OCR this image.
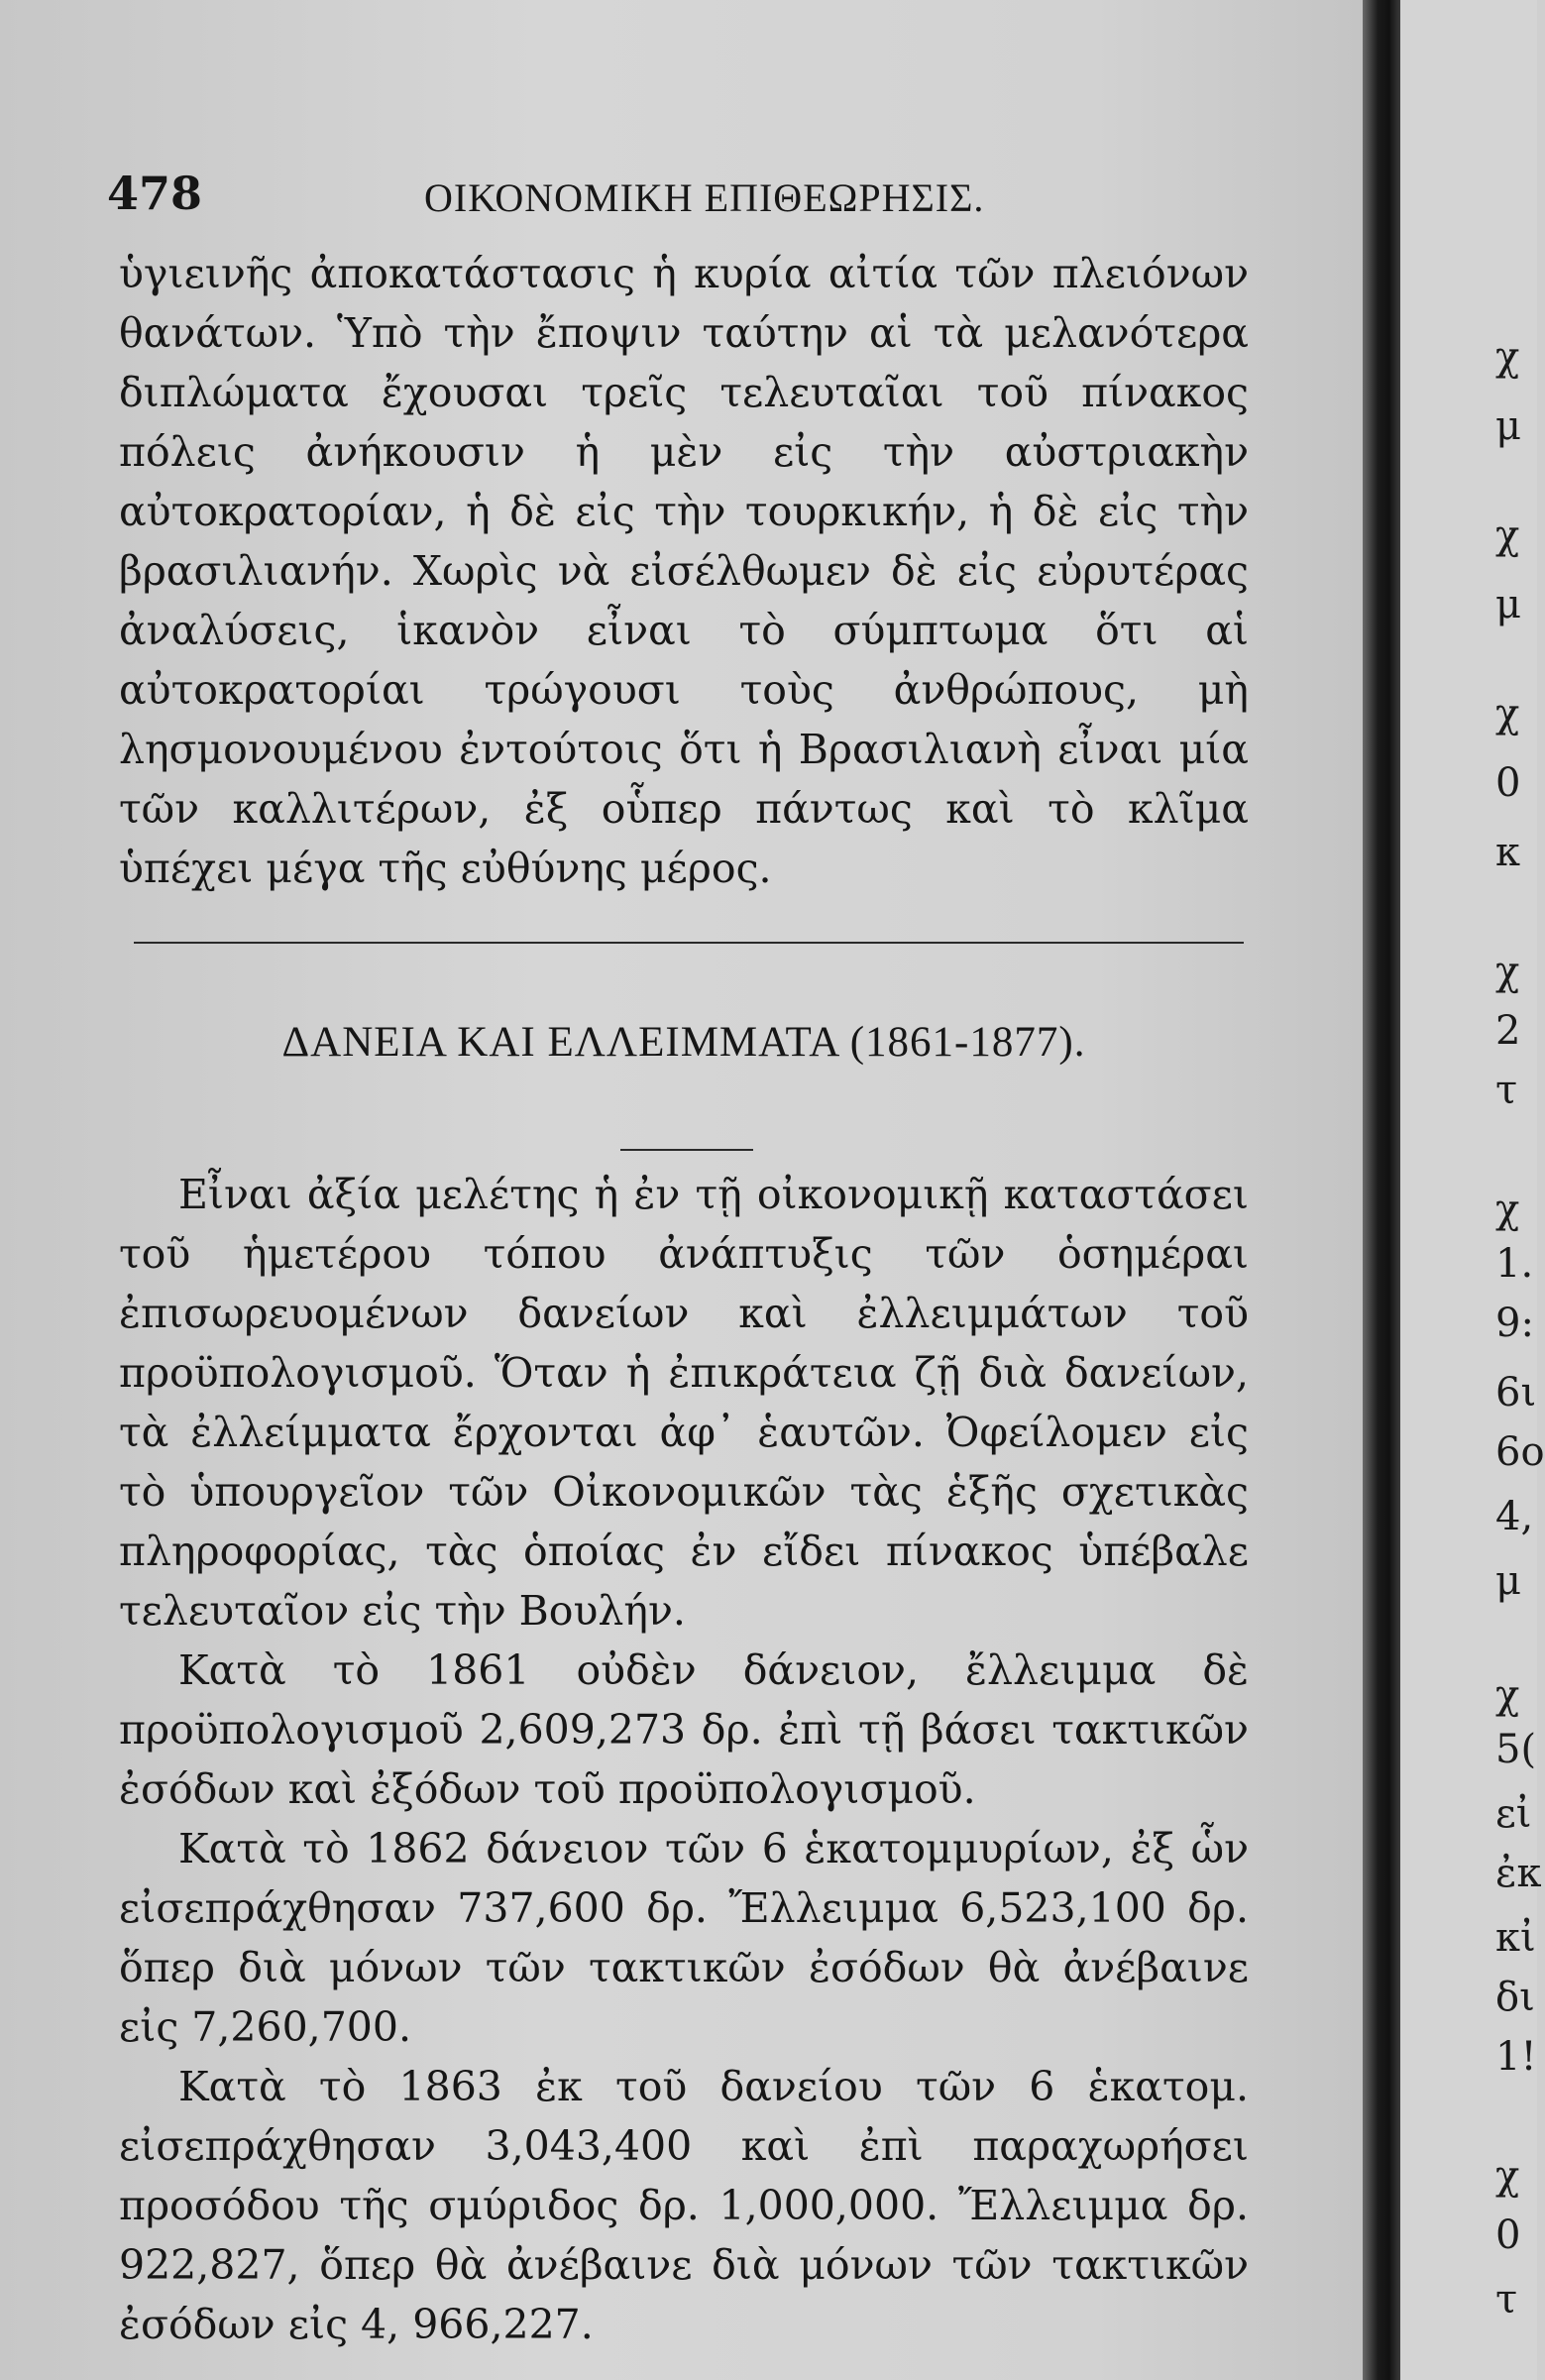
478	ΟΙΚΟΝΟΜΙΚΗ ΕΠΙΘΕΩΡΗΣΙΣ.

ὑγιεινῆς ἀποκατάστασις ἡ κυρία αἰτία τῶν πλειόνων θανάτων. Ὑπὸ τὴν ἔποψιν ταύτην αἱ τὰ μελανότερα διπλώματα ἔχουσαι τρεῖς τελευταῖαι τοῦ πίνακος πόλεις ἀνήκουσιν ἡ μὲν εἰς τὴν αὐστριακὴν αὐτοκρατορίαν, ἡ δὲ εἰς τὴν τουρκικήν, ἡ δὲ εἰς τὴν βρασιλιανήν. Χωρὶς νὰ εἰσέλθωμεν δὲ εἰς εὐρυτέρας ἀναλύσεις, ἱκανὸν εἶναι τὸ σύμπτωμα ὅτι αἱ αὐτοκρατορίαι τρώγουσι τοὺς ἀνθρώπους, μὴ λησμονουμένου ἐντούτοις ὅτι ἡ Βρασιλιανὴ εἶναι μία τῶν καλλιτέρων, ἐξ οὗπερ πάντως καὶ τὸ κλῖμα ὑπέχει μέγα τῆς εὐθύνης μέρος.

ΔΑΝΕΙΑ ΚΑΙ ΕΛΛΕΙΜΜΑΤΑ (1861-1877).

Εἶναι ἀξία μελέτης ἡ ἐν τῇ οἰκονομικῇ καταστάσει τοῦ ἡμετέρου τόπου ἀνάπτυξις τῶν ὁσημέραι ἐπισωρευομένων δανείων καὶ ἐλλειμμάτων τοῦ προϋπολογισμοῦ. Ὅταν ἡ ἐπικράτεια ζῇ διὰ δανείων, τὰ ἐλλείμματα ἔρχονται ἀφ᾽ ἑαυτῶν. Ὀφείλομεν εἰς τὸ ὑπουργεῖον τῶν Οἰκονομικῶν τὰς ἑξῆς σχετικὰς πληροφορίας, τὰς ὁποίας ἐν εἴδει πίνακος ὑπέβαλε τελευταῖον εἰς τὴν Βουλήν.

Κατὰ τὸ 1861 οὐδὲν δάνειον, ἔλλειμμα δὲ προϋπολογισμοῦ 2,609,273 δρ. ἐπὶ τῇ βάσει τακτικῶν ἐσόδων καὶ ἐξόδων τοῦ προϋπολογισμοῦ.

Κατὰ τὸ 1862 δάνειον τῶν 6 ἑκατομμυρίων, ἐξ ὧν εἰσεπράχθησαν 737,600 δρ. Ἔλλειμμα 6,523,100 δρ. ὅπερ διὰ μόνων τῶν τακτικῶν ἐσόδων θὰ ἀνέβαινε εἰς 7,260,700.

Κατὰ τὸ 1863 ἐκ τοῦ δανείου τῶν 6 ἑκατομ. εἰσεπράχθησαν 3,043,400 καὶ ἐπὶ παραχωρήσει προσόδου τῆς σμύριδος δρ. 1,000,000. Ἔλλειμμα δρ. 922,827, ὅπερ θὰ ἀνέβαινε διὰ μόνων τῶν τακτικῶν ἐσόδων εἰς 4, 966,227.

χ
μ
χ
μ
χ
0
κ
χ
2
τ
χ
1.
9:
6ι
6ο
4,
μ
χ
5(
εἰ
ἐκ
κἰ
δι
1!
χ
0
τ
